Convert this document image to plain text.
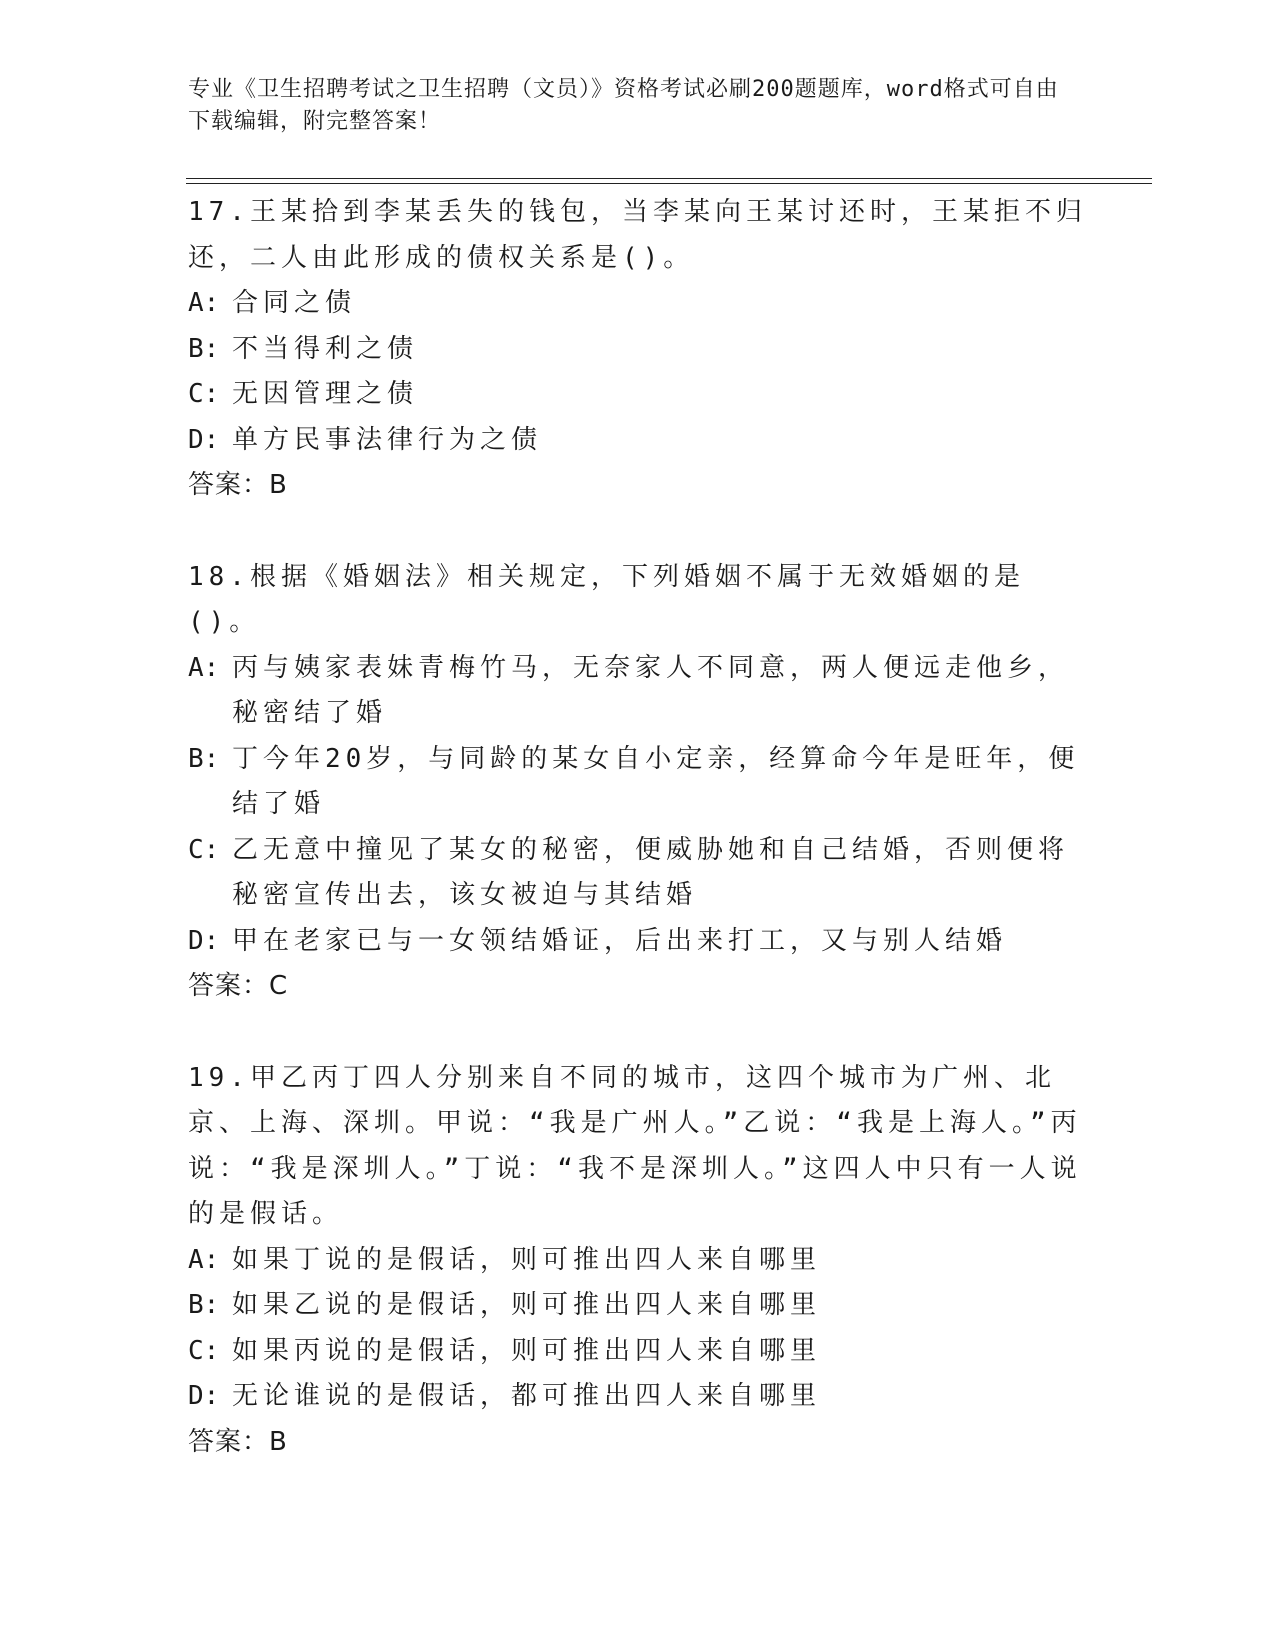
专业《卫生招聘考试之卫生招聘（文员）》资格考试必刷200题题库，word格式可自由下载编辑，附完整答案！

17.王某拾到李某丢失的钱包，当李某向王某讨还时，王某拒不归还，二人由此形成的债权关系是()。

A: 合同之债
B: 不当得利之债
C: 无因管理之债
D: 单方民事法律行为之债

答案：B

18.根据《婚姻法》相关规定，下列婚姻不属于无效婚姻的是()。

A: 丙与姨家表妹青梅竹马，无奈家人不同意，两人便远走他乡，秘密结了婚
B: 丁今年20岁，与同龄的某女自小定亲，经算命今年是旺年，便结了婚
C: 乙无意中撞见了某女的秘密，便威胁她和自己结婚，否则便将秘密宣传出去，该女被迫与其结婚
D: 甲在老家已与一女领结婚证，后出来打工，又与别人结婚

答案：C

19.甲乙丙丁四人分别来自不同的城市，这四个城市为广州、北京、上海、深圳。甲说：“我是广州人。”乙说：“我是上海人。”丙说：“我是深圳人。”丁说：“我不是深圳人。”这四人中只有一人说的是假话。

A: 如果丁说的是假话，则可推出四人来自哪里
B: 如果乙说的是假话，则可推出四人来自哪里
C: 如果丙说的是假话，则可推出四人来自哪里
D: 无论谁说的是假话，都可推出四人来自哪里

答案：B
